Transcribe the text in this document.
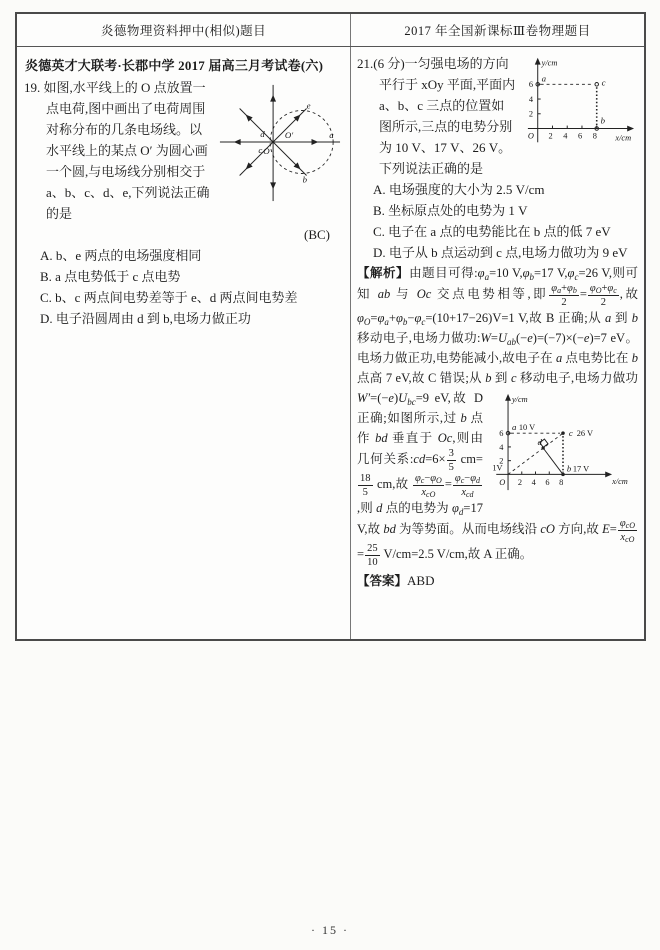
炎德物理资料押中(相似)题目	2017 年全国新课标Ⅲ卷物理题目
炎德英才大联考·长郡中学 2017 届高三月考试卷(六)

O
O′	a
e
b
d
c
19. 如图,水平线上的 O 点放置一点电荷,图中画出了电荷周围对称分布的几条电场线。以水平线上的某点 O′ 为圆心画一个圆,与电场线分别相交于 a、b、c、d、e,下列说法正确的是

(BC)
A. b、e 两点的电场强度相同
B. a 点电势低于 c 点电势
C. b、c 两点间电势差等于 e、d 两点间电势差
D. 电子沿圆周由 d 到 b,电场力做正功

2 4 6 8
2
4
6
y/cm
x/cm
O
a	c
b
21.(6 分)一匀强电场的方向平行于 xOy 平面,平面内 a、b、c 三点的位置如图所示,三点的电势分别为 10 V、17 V、26 V。下列说法正确的是

A. 电场强度的大小为 2.5 V/cm
B. 坐标原点处的电势为 1 V
C. 电子在 a 点的电势能比在 b 点的低 7 eV
D. 电子从 b 点运动到 c 点,电场力做功为 9 eV

【解析】由题目可得$:\varphi_a=10$ $V,\varphi_b=17$ $V,\varphi_c=26$ V,则可知 ab 与 Oc 交点电势相等,即 $\frac{\varphi_a+\varphi_b}{2} = \frac{\varphi_O+\varphi_c}{2}$ ,故 $\varphi_O=\varphi_a+\varphi_b-\varphi_c=(10+17-26)V=1$ V,故 B 正确;从 a 到 b 移动电子,电场力做功$:W=U_{ab}(-e)=(-7)\times(-e)=7$ eV。电场力做正功,电势能减小,故电子在 a 点电势比在 b 点高 7 eV,故 C 错误;从 b 到 c 移动电子,电场力做
2 4 6 8
2
4
6
y/cm
x/cm
O
1V
a 10 V
c 26 V
b 17 V
d
功 $W'=(-e)U_{bc}=9$ eV,故 D 正确;如图所示,过 b 点作 bd 垂直于 Oc,则由几何关系:cd=6× $\frac{3}{5} cm=$
$\frac{18}{5}$ cm,故 $\frac{\varphi_c-\varphi_O}{x_{cO}} = \frac{\varphi_c-\varphi_d}{x_{cd}}$
,则 d 点的电势为 $\varphi_d=17$ V,故 bd 为等势面。从而电场线沿 cO 方向,故 $E= \frac{\varphi_{cO}}{x_{cO}}$
= $\frac{25}{10} V/cm=2.5$ V/cm,故 A 正确。

【答案】ABD

· 15 ·
